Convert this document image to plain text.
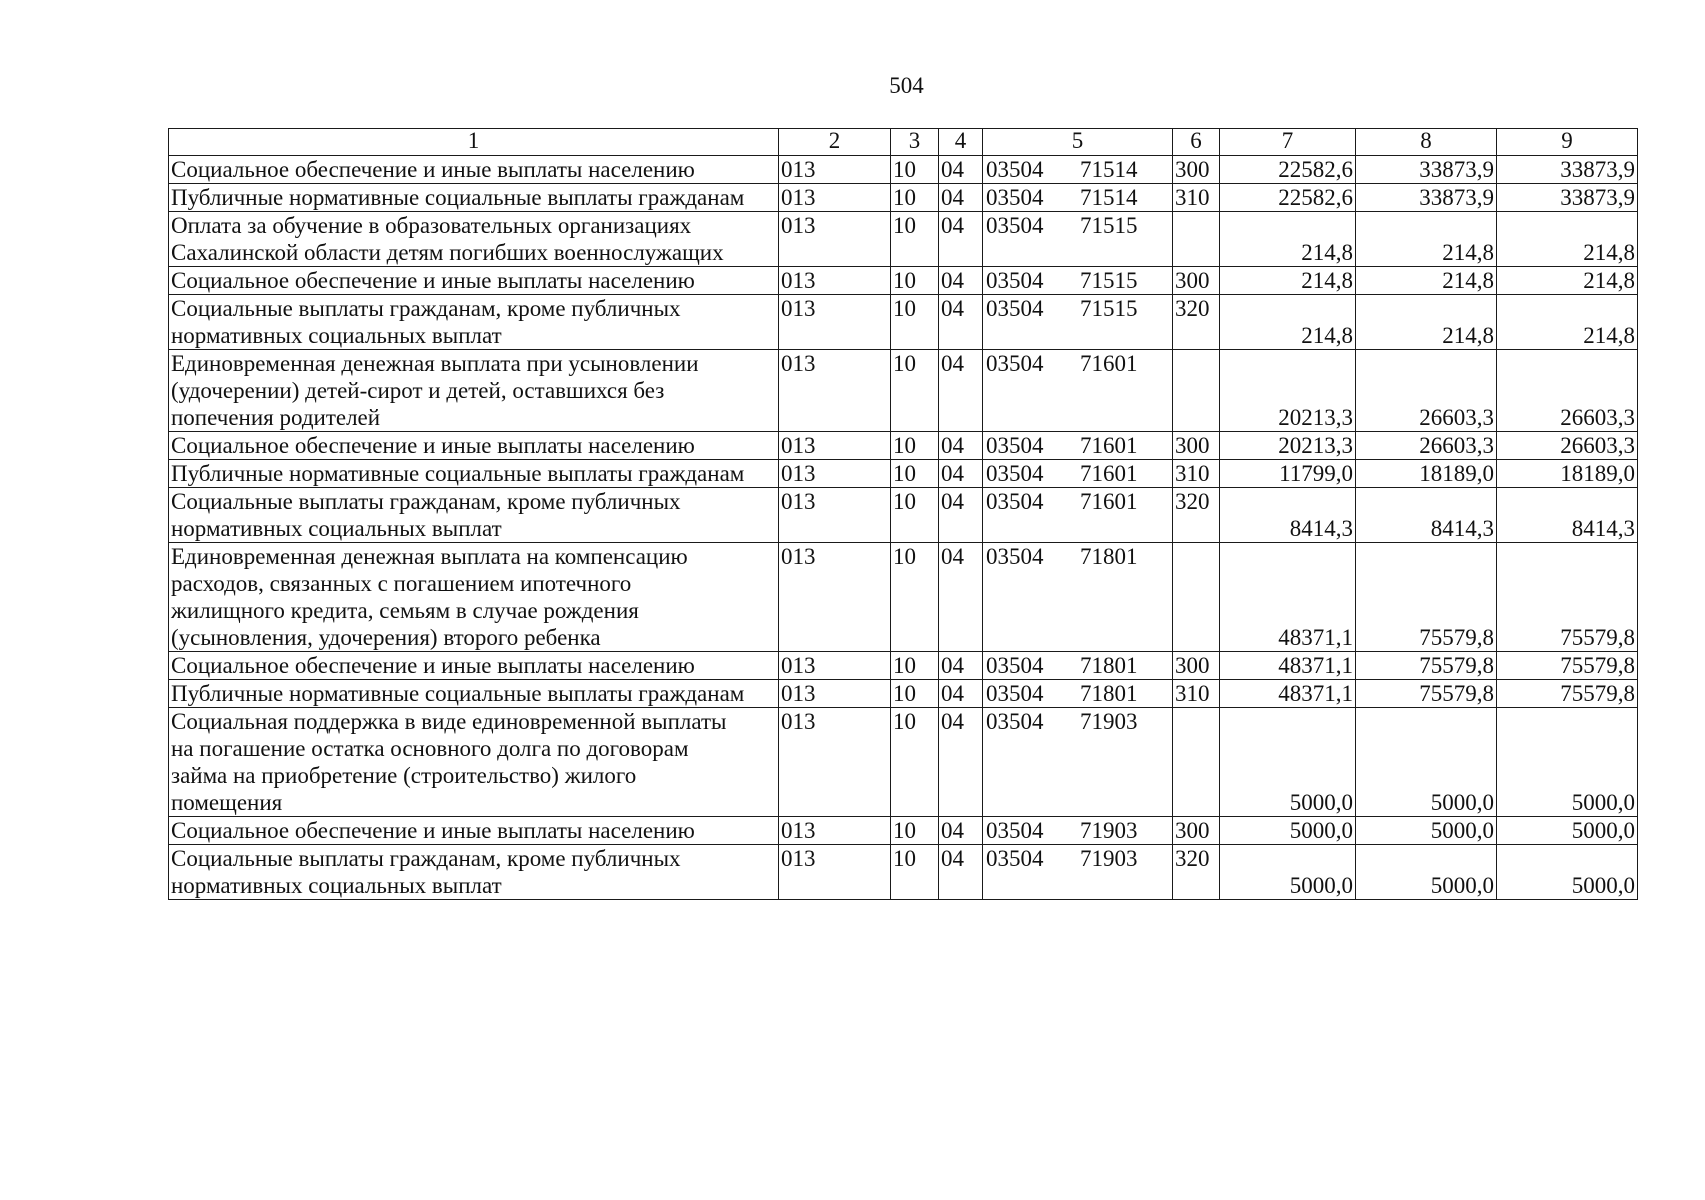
504
1	2	3	4	5	6	7	8	9
Социальное обеспечение и иные выплаты населению	013	10	04	03504 71514	300	22582,6	33873,9	33873,9
Публичные нормативные социальные выплаты гражданам	013	10	04	03504 71514	310	22582,6	33873,9	33873,9
Оплата за обучение в образовательных организациях
Сахалинской области детям погибших военнослужащих	013	10	04	03504 71515		214,8	214,8	214,8
Социальное обеспечение и иные выплаты населению	013	10	04	03504 71515	300	214,8	214,8	214,8
Социальные выплаты гражданам, кроме публичных
нормативных социальных выплат	013	10	04	03504 71515	320	214,8	214,8	214,8
Единовременная денежная выплата при усыновлении
(удочерении) детей-сирот и детей, оставшихся без
попечения родителей	013	10	04	03504 71601		20213,3	26603,3	26603,3
Социальное обеспечение и иные выплаты населению	013	10	04	03504 71601	300	20213,3	26603,3	26603,3
Публичные нормативные социальные выплаты гражданам	013	10	04	03504 71601	310	11799,0	18189,0	18189,0
Социальные выплаты гражданам, кроме публичных
нормативных социальных выплат	013	10	04	03504 71601	320	8414,3	8414,3	8414,3
Единовременная денежная выплата на компенсацию
расходов, связанных с погашением ипотечного
жилищного кредита, семьям в случае рождения
(усыновления, удочерения) второго ребенка	013	10	04	03504 71801		48371,1	75579,8	75579,8
Социальное обеспечение и иные выплаты населению	013	10	04	03504 71801	300	48371,1	75579,8	75579,8
Публичные нормативные социальные выплаты гражданам	013	10	04	03504 71801	310	48371,1	75579,8	75579,8
Социальная поддержка в виде единовременной выплаты
на погашение остатка основного долга по договорам
займа на приобретение (строительство) жилого
помещения	013	10	04	03504 71903		5000,0	5000,0	5000,0
Социальное обеспечение и иные выплаты населению	013	10	04	03504 71903	300	5000,0	5000,0	5000,0
Социальные выплаты гражданам, кроме публичных
нормативных социальных выплат	013	10	04	03504 71903	320	5000,0	5000,0	5000,0
